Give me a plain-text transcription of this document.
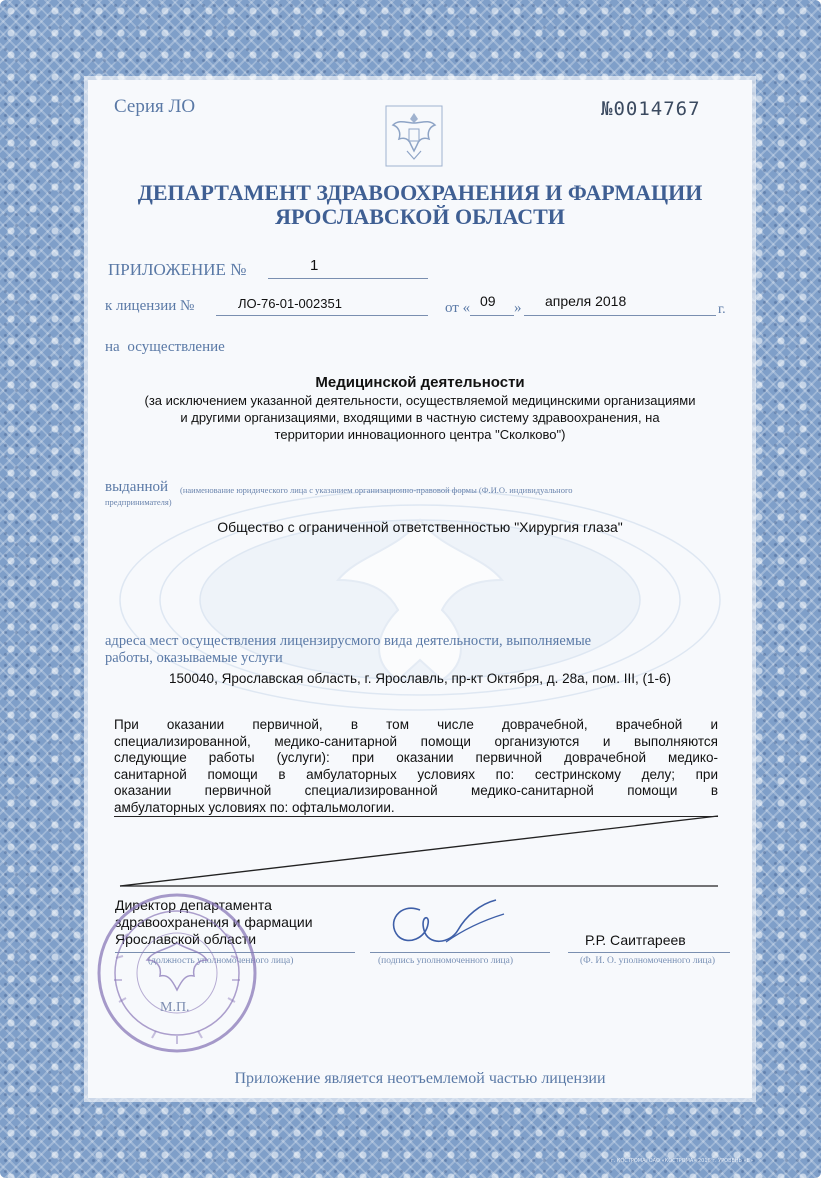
Серия ЛО	№0014767
ДЕПАРТАМЕНТ ЗДРАВООХРАНЕНИЯ И ФАРМАЦИИ
ЯРОСЛАВСКОЙ ОБЛАСТИ
ПРИЛОЖЕНИЕ №	1
к лицензии №	ЛО-76-01-002351	от « 09 » апреля 2018
г.
на осуществление
Медицинской деятельности
(за исключением указанной деятельности, осуществляемой медицинскими организациями
и другими организациями, входящими в частную систему здравоохранения, на
территории инновационного центра "Сколково")
выданной (наименование юридического лица с указанием организационно-правовой формы (Ф.И.О. индивидуального
предпринимателя)
Общество с ограниченной ответственностью "Хирургия глаза"
адреса мест осуществления лицензирусмого вида деятельности, выполняемые
работы, оказываемые услуги
150040, Ярославская область, г. Ярославль, пр-кт Октября, д. 28а, пом. III, (1-6)
При оказании первичной, в том числе доврачебной, врачебной и
специализированной, медико-санитарной помощи организуются и выполняются
следующие работы (услуги): при оказании первичной доврачебной медико-
санитарной помощи в амбулаторных условиях по: сестринскому делу; при
оказании первичной специализированной медико-санитарной помощи в
амбулаторных условиях по: офтальмологии.
Директор департамента
здравоохранения и фармации
Ярославской области
(должность уполномоченного лица)	(подпись уполномоченного лица)
Р.Р. Саитгареев
(Ф. И. О. уполномоченного лица)
М.П.
Приложение является неотъемлемой частью лицензии
г. КОСТРОМА, ОАО «КОСТРОМА» 2016 г. УРОВЕНЬ «В»
